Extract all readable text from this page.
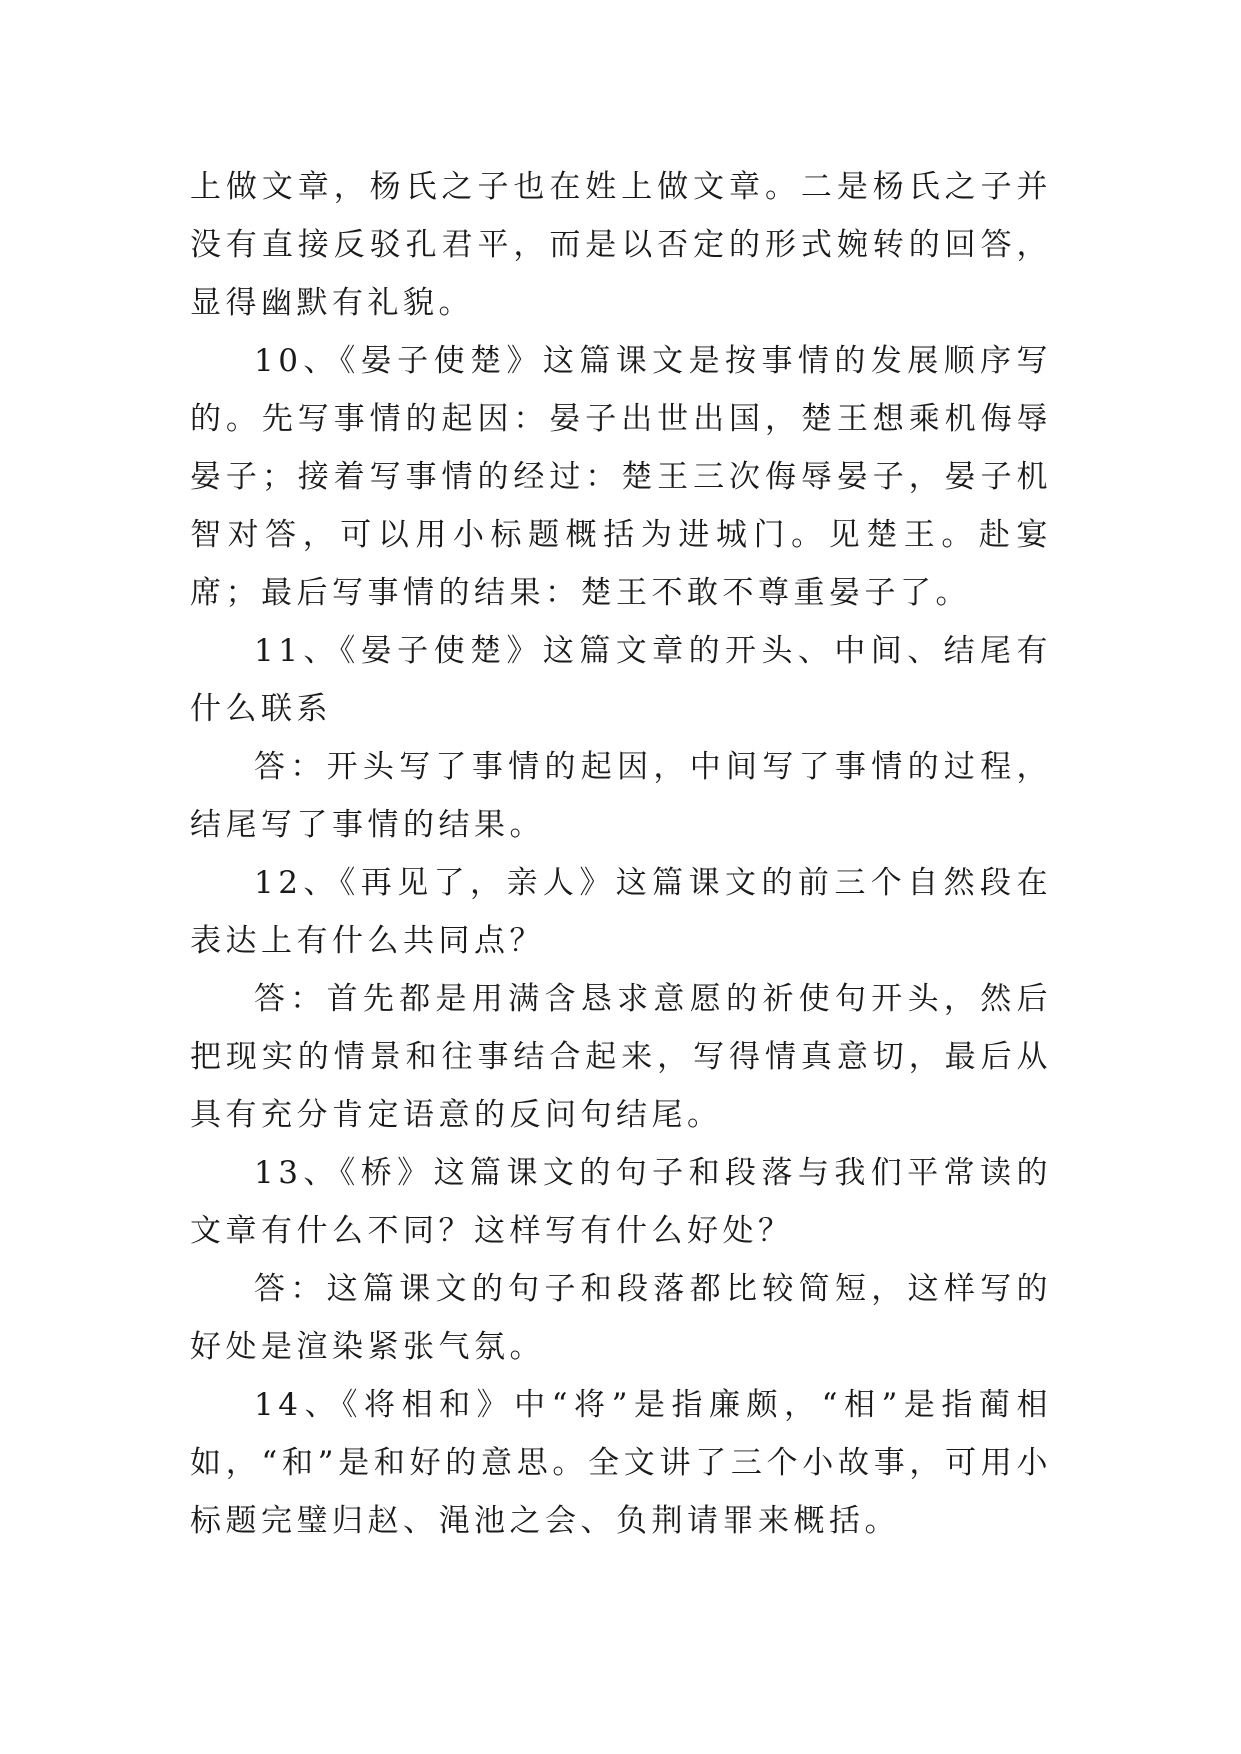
上做文章，杨氏之子也在姓上做文章。二是杨氏之子并没有直接反驳孔君平，而是以否定的形式婉转的回答，显得幽默有礼貌。

10、《晏子使楚》这篇课文是按事情的发展顺序写的。先写事情的起因：晏子出世出国，楚王想乘机侮辱晏子；接着写事情的经过：楚王三次侮辱晏子，晏子机智对答，可以用小标题概括为进城门。见楚王。赴宴席；最后写事情的结果：楚王不敢不尊重晏子了。

11、《晏子使楚》这篇文章的开头、中间、结尾有什么联系

答：开头写了事情的起因，中间写了事情的过程，结尾写了事情的结果。

12、《再见了，亲人》这篇课文的前三个自然段在表达上有什么共同点？

答：首先都是用满含恳求意愿的祈使句开头，然后把现实的情景和往事结合起来，写得情真意切，最后从具有充分肯定语意的反问句结尾。

13、《桥》这篇课文的句子和段落与我们平常读的文章有什么不同？这样写有什么好处？

答：这篇课文的句子和段落都比较简短，这样写的好处是渲染紧张气氛。

14、《将相和》中“将”是指廉颇，“相”是指蔺相如，“和”是和好的意思。全文讲了三个小故事，可用小标题完璧归赵、渑池之会、负荆请罪来概括。
